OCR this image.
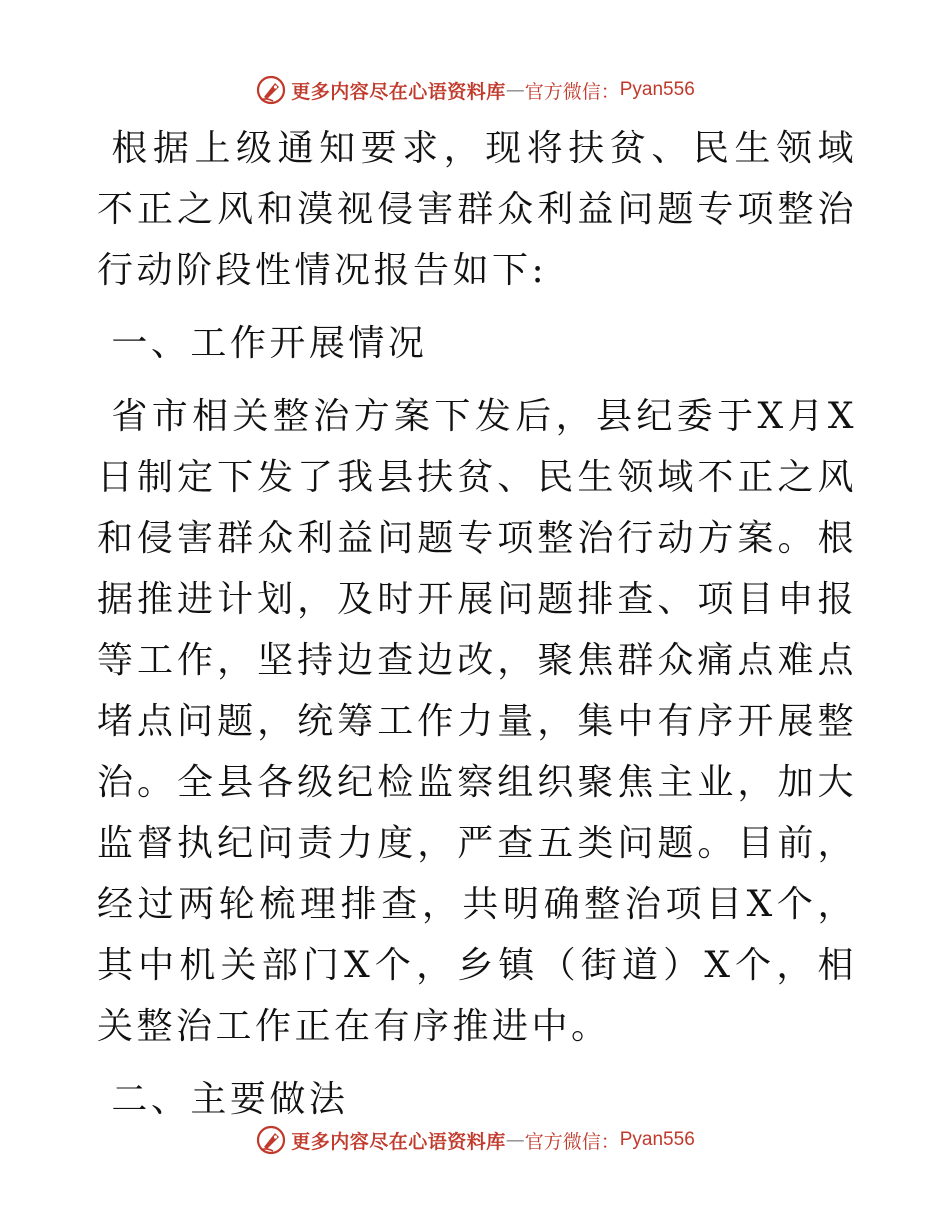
更多内容尽在心语资料库 — 官方微信： Pyan556

根据上级通知要求，现将扶贫、民生领域不正之风和漠视侵害群众利益问题专项整治行动阶段性情况报告如下:

一、工作开展情况

省市相关整治方案下发后，县纪委于X月X日制定下发了我县扶贫、民生领域不正之风和侵害群众利益问题专项整治行动方案。根据推进计划，及时开展问题排查、项目申报等工作，坚持边查边改，聚焦群众痛点难点堵点问题，统筹工作力量，集中有序开展整治。全县各级纪检监察组织聚焦主业，加大监督执纪问责力度，严查五类问题。目前，经过两轮梳理排查，共明确整治项目X个，其中机关部门X个，乡镇（街道）X个，相关整治工作正在有序推进中。

二、主要做法

更多内容尽在心语资料库 — 官方微信： Pyan556
